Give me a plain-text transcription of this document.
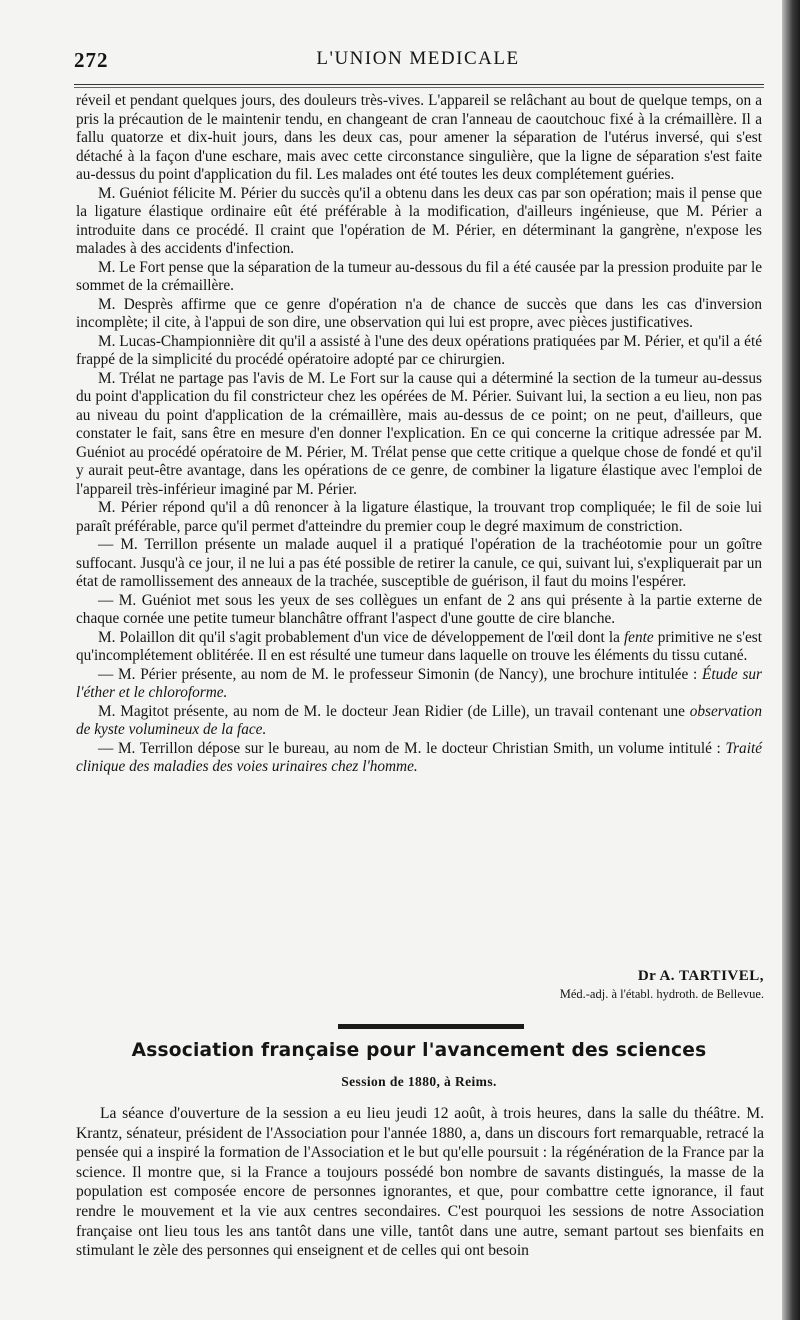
272	L'UNION MEDICALE

réveil et pendant quelques jours, des douleurs très-vives. L'appareil se relâchant au bout de quelque temps, on a pris la précaution de le maintenir tendu, en changeant de cran l'anneau de caoutchouc fixé à la crémaillère. Il a fallu quatorze et dix-huit jours, dans les deux cas, pour amener la séparation de l'utérus inversé, qui s'est détaché à la façon d'une eschare, mais avec cette circonstance singulière, que la ligne de séparation s'est faite au-dessus du point d'application du fil. Les malades ont été toutes les deux complétement guéries.

M. Guéniot félicite M. Périer du succès qu'il a obtenu dans les deux cas par son opération; mais il pense que la ligature élastique ordinaire eût été préférable à la modification, d'ailleurs ingénieuse, que M. Périer a introduite dans ce procédé. Il craint que l'opération de M. Périer, en déterminant la gangrène, n'expose les malades à des accidents d'infection.

M. Le Fort pense que la séparation de la tumeur au-dessous du fil a été causée par la pression produite par le sommet de la crémaillère.

M. Desprès affirme que ce genre d'opération n'a de chance de succès que dans les cas d'inversion incomplète; il cite, à l'appui de son dire, une observation qui lui est propre, avec pièces justificatives.

M. Lucas-Championnière dit qu'il a assisté à l'une des deux opérations pratiquées par M. Périer, et qu'il a été frappé de la simplicité du procédé opératoire adopté par ce chirurgien.

M. Trélat ne partage pas l'avis de M. Le Fort sur la cause qui a déterminé la section de la tumeur au-dessus du point d'application du fil constricteur chez les opérées de M. Périer. Suivant lui, la section a eu lieu, non pas au niveau du point d'application de la crémaillère, mais au-dessus de ce point; on ne peut, d'ailleurs, que constater le fait, sans être en mesure d'en donner l'explication. En ce qui concerne la critique adressée par M. Guéniot au procédé opératoire de M. Périer, M. Trélat pense que cette critique a quelque chose de fondé et qu'il y aurait peut-être avantage, dans les opérations de ce genre, de combiner la ligature élastique avec l'emploi de l'appareil très-inférieur imaginé par M. Périer.

M. Périer répond qu'il a dû renoncer à la ligature élastique, la trouvant trop compliquée; le fil de soie lui paraît préférable, parce qu'il permet d'atteindre du premier coup le degré maximum de constriction.

— M. Terrillon présente un malade auquel il a pratiqué l'opération de la trachéotomie pour un goître suffocant. Jusqu'à ce jour, il ne lui a pas été possible de retirer la canule, ce qui, suivant lui, s'expliquerait par un état de ramollissement des anneaux de la trachée, susceptible de guérison, il faut du moins l'espérer.

— M. Guéniot met sous les yeux de ses collègues un enfant de 2 ans qui présente à la partie externe de chaque cornée une petite tumeur blanchâtre offrant l'aspect d'une goutte de cire blanche.

M. Polaillon dit qu'il s'agit probablement d'un vice de développement de l'œil dont la fente primitive ne s'est qu'incomplétement oblitérée. Il en est résulté une tumeur dans laquelle on trouve les éléments du tissu cutané.

— M. Périer présente, au nom de M. le professeur Simonin (de Nancy), une brochure intitulée : Étude sur l'éther et le chloroforme.

M. Magitot présente, au nom de M. le docteur Jean Ridier (de Lille), un travail contenant une observation de kyste volumineux de la face.

— M. Terrillon dépose sur le bureau, au nom de M. le docteur Christian Smith, un volume intitulé : Traité clinique des maladies des voies urinaires chez l'homme.

Dr A. TARTIVEL,
Méd.-adj. à l'établ. hydroth. de Bellevue.
Association française pour l'avancement des sciences
Session de 1880, à Reims.

La séance d'ouverture de la session a eu lieu jeudi 12 août, à trois heures, dans la salle du théâtre. M. Krantz, sénateur, président de l'Association pour l'année 1880, a, dans un discours fort remarquable, retracé la pensée qui a inspiré la formation de l'Association et le but qu'elle poursuit : la régénération de la France par la science. Il montre que, si la France a toujours possédé bon nombre de savants distingués, la masse de la population est composée encore de personnes ignorantes, et que, pour combattre cette ignorance, il faut rendre le mouvement et la vie aux centres secondaires. C'est pourquoi les sessions de notre Association française ont lieu tous les ans tantôt dans une ville, tantôt dans une autre, semant partout ses bienfaits en stimulant le zèle des personnes qui enseignent et de celles qui ont besoin
